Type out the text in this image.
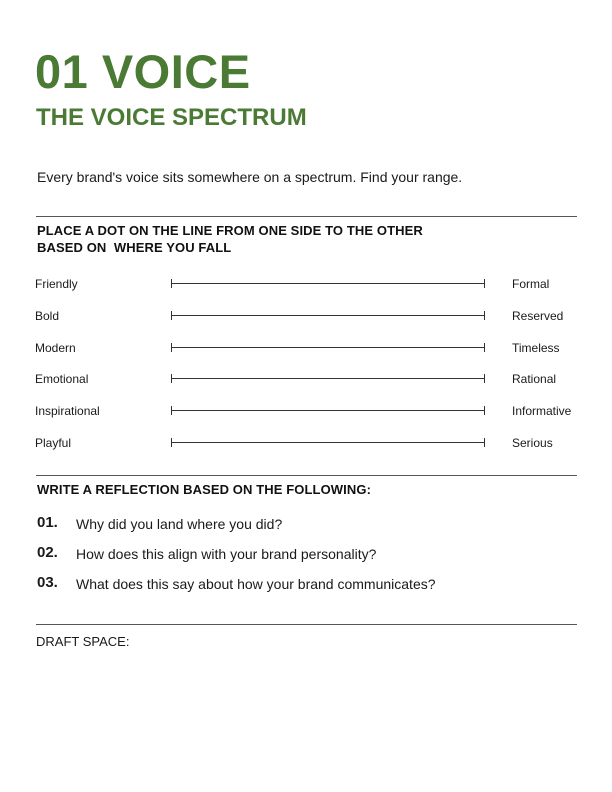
01 VOICE
THE VOICE SPECTRUM
Every brand's voice sits somewhere on a spectrum. Find your range.
PLACE A DOT ON THE LINE FROM ONE SIDE TO THE OTHER
BASED ON  WHERE YOU FALL
Friendly	Formal
Bold	Reserved
Modern	Timeless
Emotional	Rational
Inspirational	Informative
Playful	Serious
WRITE A REFLECTION BASED ON THE FOLLOWING:
01. Why did you land where you did?
02. How does this align with your brand personality?
03. What does this say about how your brand communicates?
DRAFT SPACE:
